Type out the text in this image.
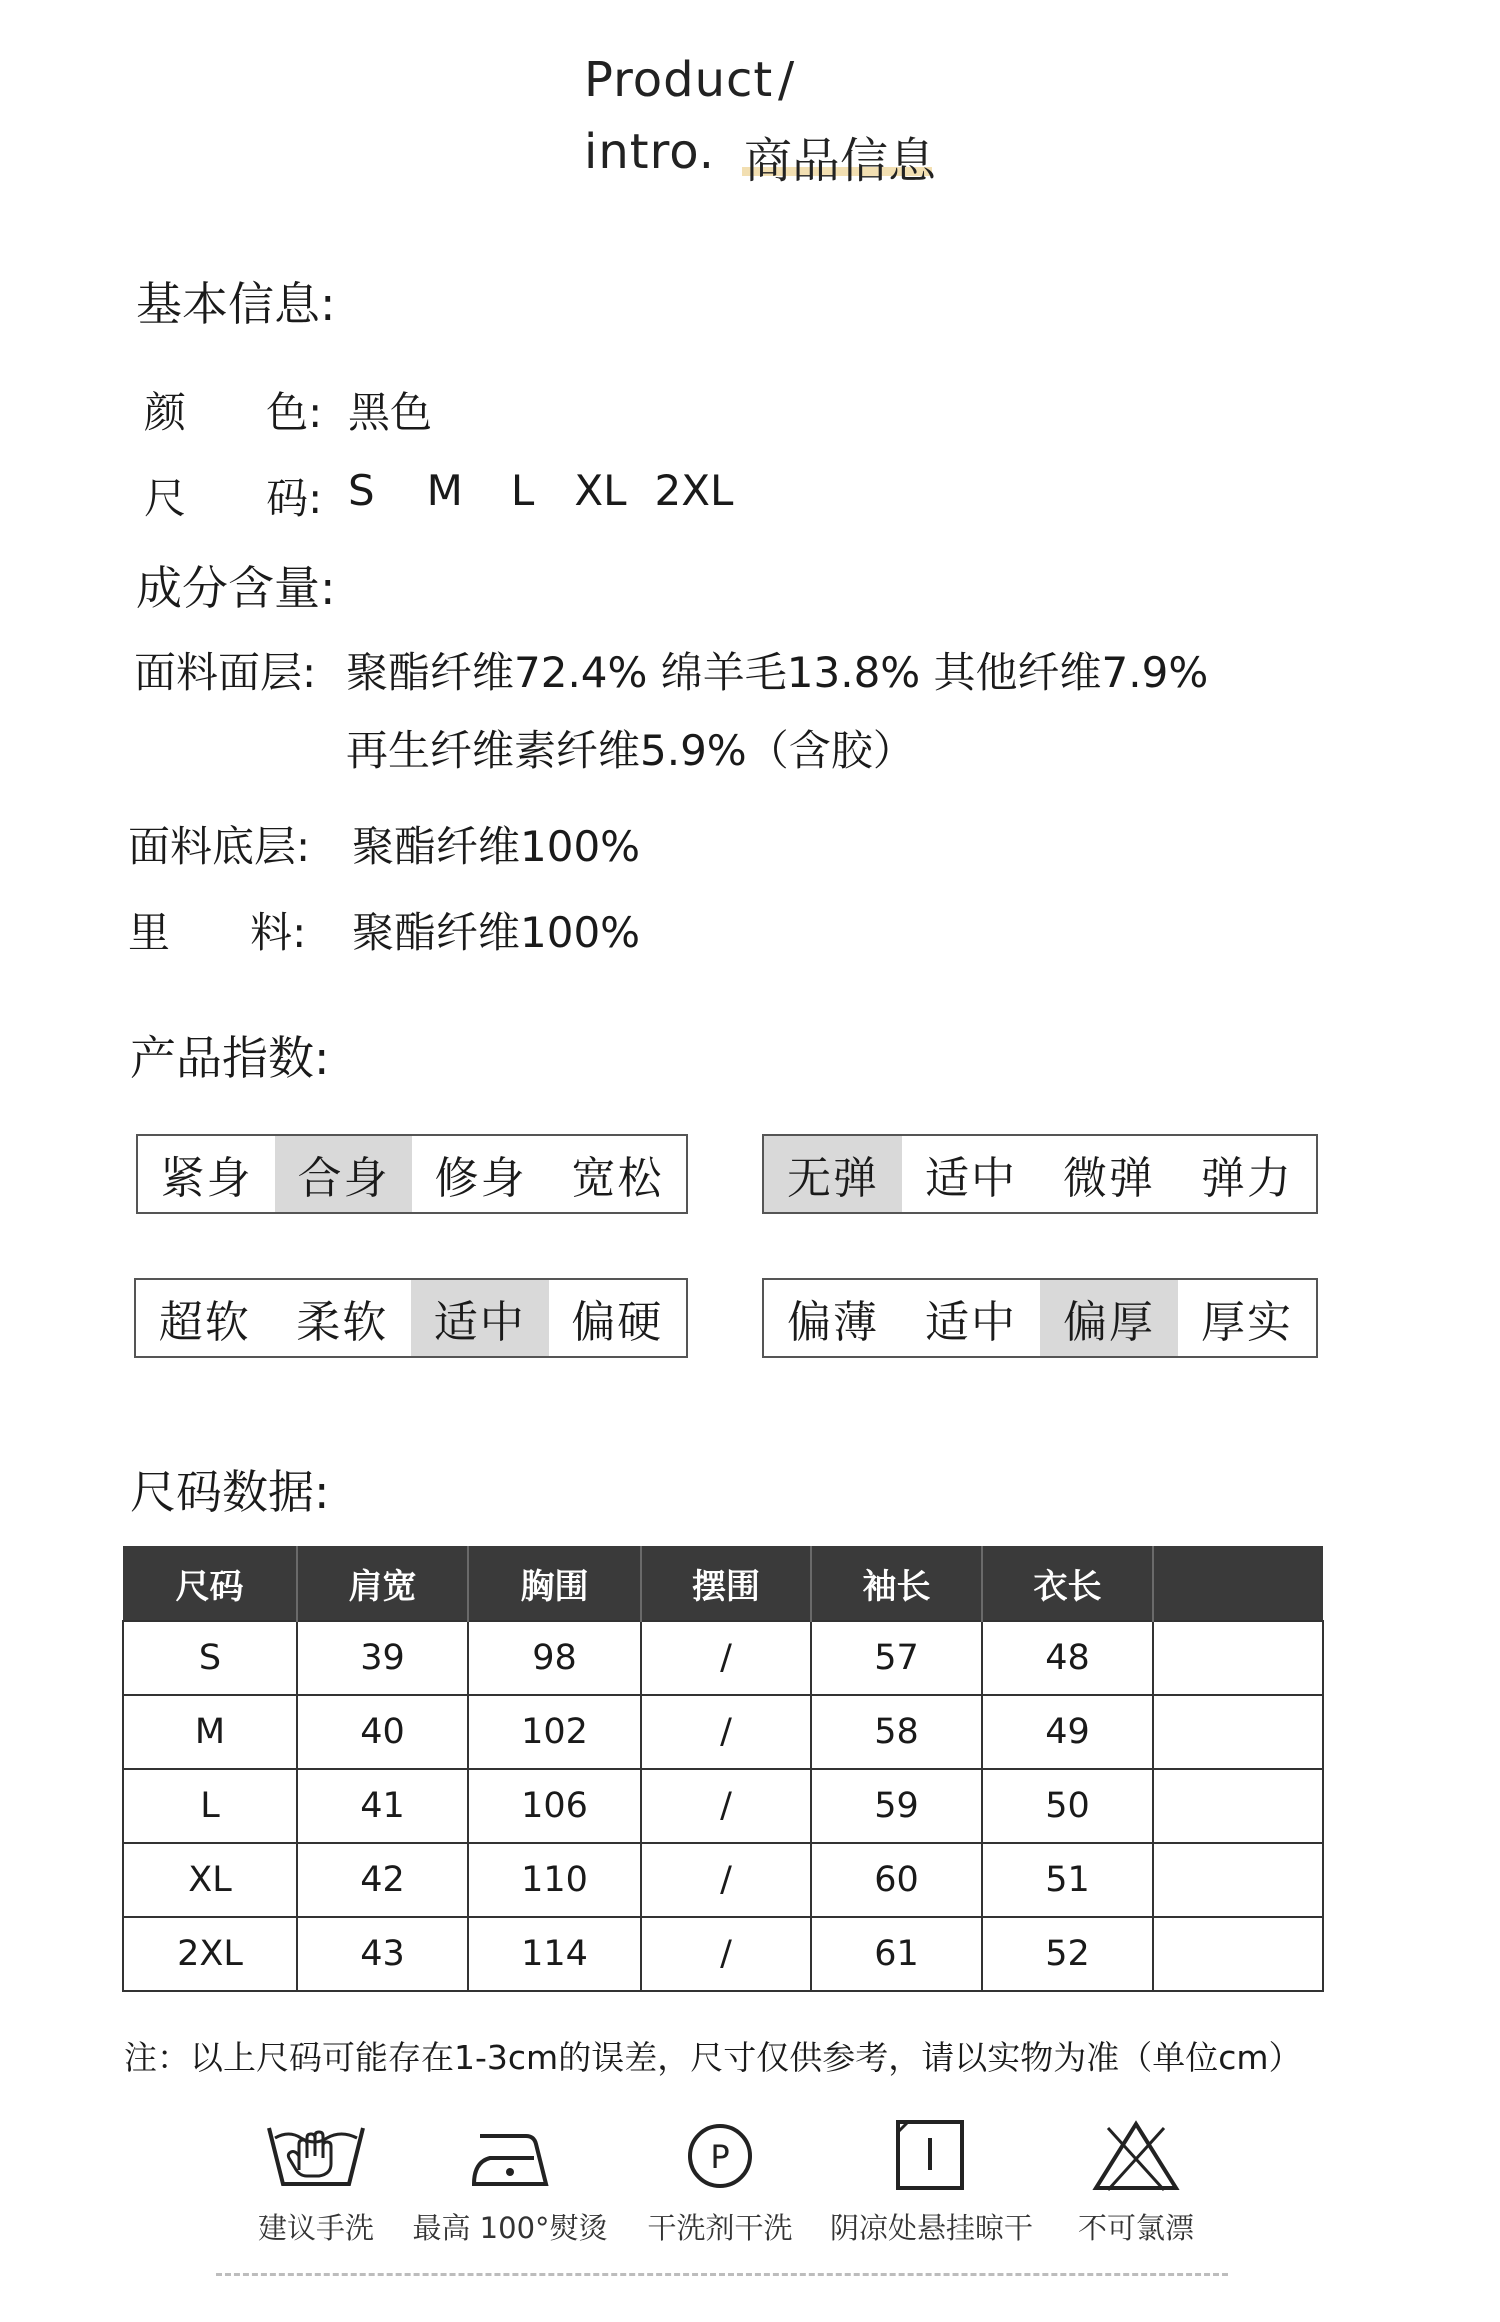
Product /
intro. 商品信息
基本信息:
颜      色: 黑色
尺      码: S M L XL 2XL
成分含量:
面料面层: 聚酯纤维72.4% 绵羊毛13.8% 其他纤维7.9%
再生纤维素纤维5.9%（含胶）
面料底层: 聚酯纤维100%
里      料: 聚酯纤维100%
产品指数:
紧身	合身	修身	宽松	无弹	适中	微弹	弹力
超软	柔软	适中	偏硬	偏薄	适中	偏厚	厚实
尺码数据:
尺码	肩宽	胸围	摆围	袖长	衣长	
S	39	98	/	57	48	
M	40	102	/	58	49	
L	41	106	/	59	50	
XL	42	110	/	60	51	
2XL	43	114	/	61	52	
注：以上尺码可能存在1-3cm的误差，尺寸仅供参考，请以实物为准（单位cm）
建议手洗	最高 100°熨烫
P
干洗剂干洗	阴凉处悬挂晾干	不可氯漂
